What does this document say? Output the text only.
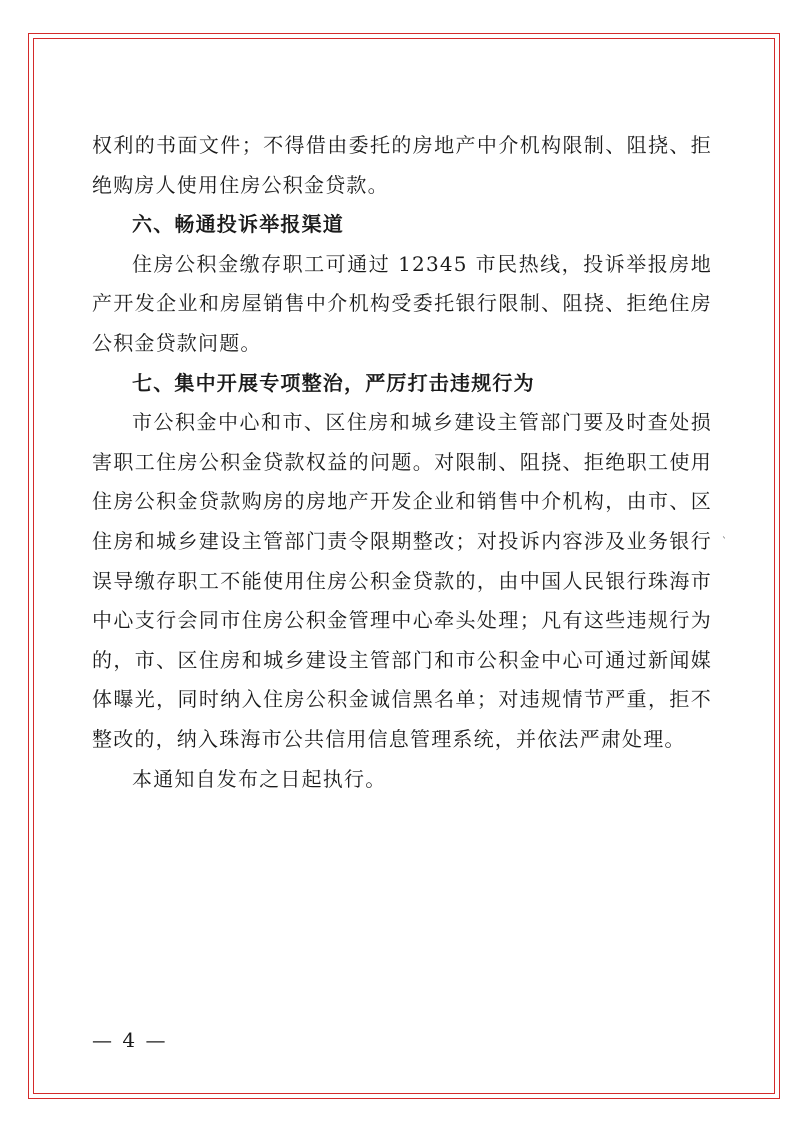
权利的书面文件；不得借由委托的房地产中介机构限制、阻挠、拒绝购房人使用住房公积金贷款。

六、畅通投诉举报渠道

住房公积金缴存职工可通过 12345 市民热线，投诉举报房地产开发企业和房屋销售中介机构受委托银行限制、阻挠、拒绝住房公积金贷款问题。

七、集中开展专项整治，严厉打击违规行为

市公积金中心和市、区住房和城乡建设主管部门要及时查处损害职工住房公积金贷款权益的问题。对限制、阻挠、拒绝职工使用住房公积金贷款购房的房地产开发企业和销售中介机构，由市、区住房和城乡建设主管部门责令限期整改；对投诉内容涉及业务银行误导缴存职工不能使用住房公积金贷款的，由中国人民银行珠海市中心支行会同市住房公积金管理中心牵头处理；凡有这些违规行为的，市、区住房和城乡建设主管部门和市公积金中心可通过新闻媒体曝光，同时纳入住房公积金诚信黑名单；对违规情节严重，拒不整改的，纳入珠海市公共信用信息管理系统，并依法严肃处理。

本通知自发布之日起执行。

`
— 4 —
